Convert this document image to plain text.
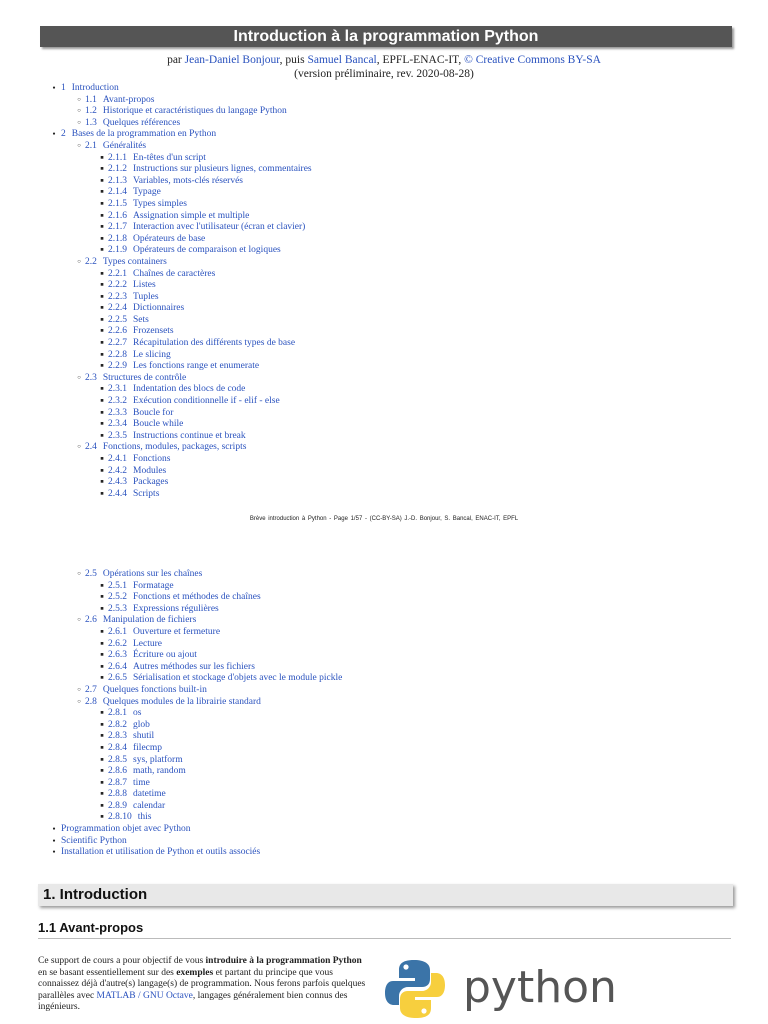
Introduction à la programmation Python
par Jean-Daniel Bonjour, puis Samuel Bancal, EPFL-ENAC-IT, © Creative Commons BY-SA
(version préliminaire, rev. 2020-08-28)
● 1 Introduction
○ 1.1 Avant-propos
○ 1.2 Historique et caractéristiques du langage Python
○ 1.3 Quelques références
● 2 Bases de la programmation en Python
○ 2.1 Généralités
■ 2.1.1 En-têtes d'un script
■ 2.1.2 Instructions sur plusieurs lignes, commentaires
■ 2.1.3 Variables, mots-clés réservés
■ 2.1.4 Typage
■ 2.1.5 Types simples
■ 2.1.6 Assignation simple et multiple
■ 2.1.7 Interaction avec l'utilisateur (écran et clavier)
■ 2.1.8 Opérateurs de base
■ 2.1.9 Opérateurs de comparaison et logiques
○ 2.2 Types containers
■ 2.2.1 Chaînes de caractères
■ 2.2.2 Listes
■ 2.2.3 Tuples
■ 2.2.4 Dictionnaires
■ 2.2.5 Sets
■ 2.2.6 Frozensets
■ 2.2.7 Récapitulation des différents types de base
■ 2.2.8 Le slicing
■ 2.2.9 Les fonctions range et enumerate
○ 2.3 Structures de contrôle
■ 2.3.1 Indentation des blocs de code
■ 2.3.2 Exécution conditionnelle if - elif - else
■ 2.3.3 Boucle for
■ 2.3.4 Boucle while
■ 2.3.5 Instructions continue et break
○ 2.4 Fonctions, modules, packages, scripts
■ 2.4.1 Fonctions
■ 2.4.2 Modules
■ 2.4.3 Packages
■ 2.4.4 Scripts
Brève introduction à Python - Page 1/57 - (CC-BY-SA) J.-D. Bonjour, S. Bancal, ENAC-IT, EPFL
○ 2.5 Opérations sur les chaînes
■ 2.5.1 Formatage
■ 2.5.2 Fonctions et méthodes de chaînes
■ 2.5.3 Expressions régulières
○ 2.6 Manipulation de fichiers
■ 2.6.1 Ouverture et fermeture
■ 2.6.2 Lecture
■ 2.6.3 Écriture ou ajout
■ 2.6.4 Autres méthodes sur les fichiers
■ 2.6.5 Sérialisation et stockage d'objets avec le module pickle
○ 2.7 Quelques fonctions built-in
○ 2.8 Quelques modules de la librairie standard
■ 2.8.1 os
■ 2.8.2 glob
■ 2.8.3 shutil
■ 2.8.4 filecmp
■ 2.8.5 sys, platform
■ 2.8.6 math, random
■ 2.8.7 time
■ 2.8.8 datetime
■ 2.8.9 calendar
■ 2.8.10 this
● Programmation objet avec Python
● Scientific Python
● Installation et utilisation de Python et outils associés
1. Introduction
1.1 Avant-propos
Ce support de cours a pour objectif de vous introduire à la programmation Python en se basant essentiellement sur des exemples et partant du principe que vous connaissez déjà d'autre(s) langage(s) de programmation. Nous ferons parfois quelques parallèles avec MATLAB / GNU Octave, langages généralement bien connus des ingénieurs.	python
